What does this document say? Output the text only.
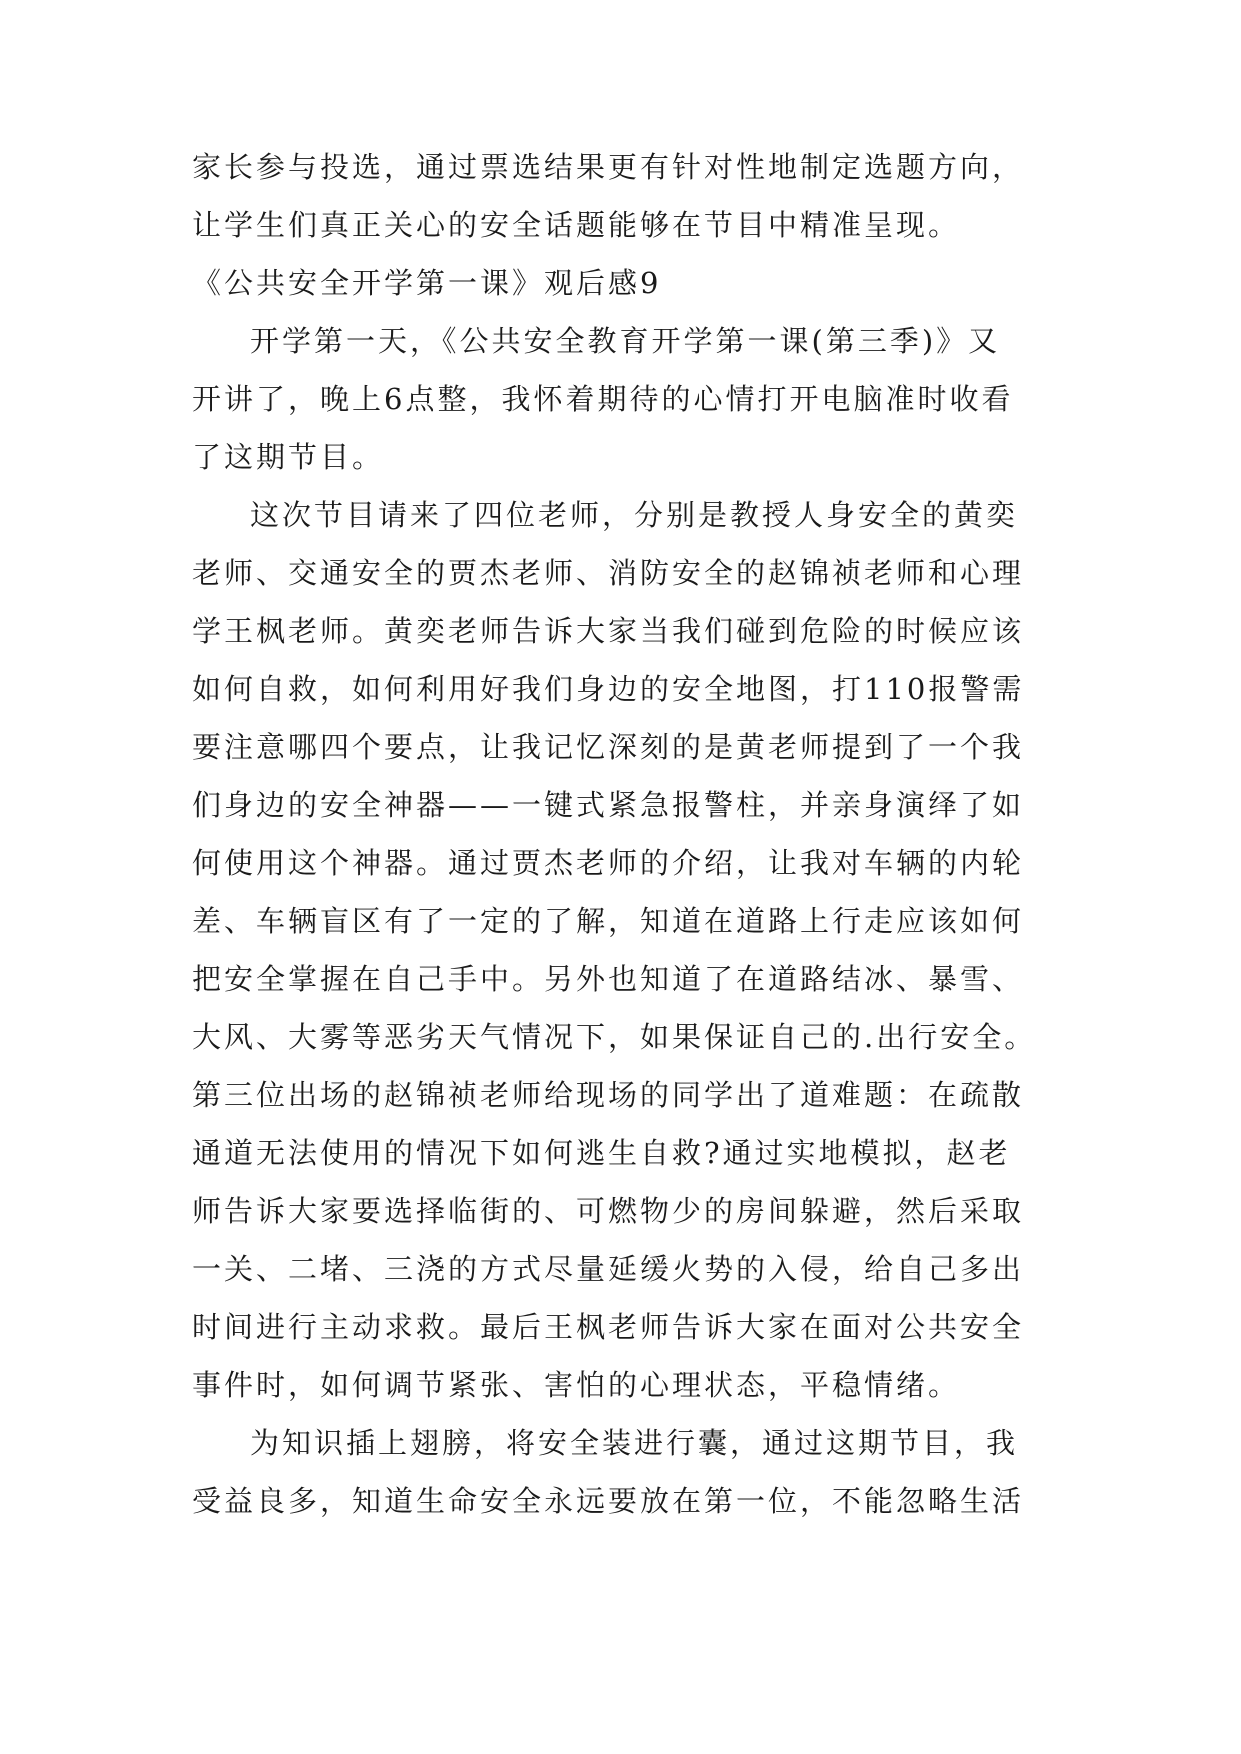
家长参与投选，通过票选结果更有针对性地制定选题方向，
让学生们真正关心的安全话题能够在节目中精准呈现。
《公共安全开学第一课》观后感9
开学第一天，《公共安全教育开学第一课(第三季)》又
开讲了，晚上6点整，我怀着期待的心情打开电脑准时收看
了这期节目。
这次节目请来了四位老师，分别是教授人身安全的黄奕
老师、交通安全的贾杰老师、消防安全的赵锦祯老师和心理
学王枫老师。黄奕老师告诉大家当我们碰到危险的时候应该
如何自救，如何利用好我们身边的安全地图，打110报警需
要注意哪四个要点，让我记忆深刻的是黄老师提到了一个我
们身边的安全神器——一键式紧急报警柱，并亲身演绎了如
何使用这个神器。通过贾杰老师的介绍，让我对车辆的内轮
差、车辆盲区有了一定的了解，知道在道路上行走应该如何
把安全掌握在自己手中。另外也知道了在道路结冰、暴雪、
大风、大雾等恶劣天气情况下，如果保证自己的.出行安全。
第三位出场的赵锦祯老师给现场的同学出了道难题：在疏散
通道无法使用的情况下如何逃生自救?通过实地模拟，赵老
师告诉大家要选择临街的、可燃物少的房间躲避，然后采取
一关、二堵、三浇的方式尽量延缓火势的入侵，给自己多出
时间进行主动求救。最后王枫老师告诉大家在面对公共安全
事件时，如何调节紧张、害怕的心理状态，平稳情绪。
为知识插上翅膀，将安全装进行囊，通过这期节目，我
受益良多，知道生命安全永远要放在第一位，不能忽略生活
